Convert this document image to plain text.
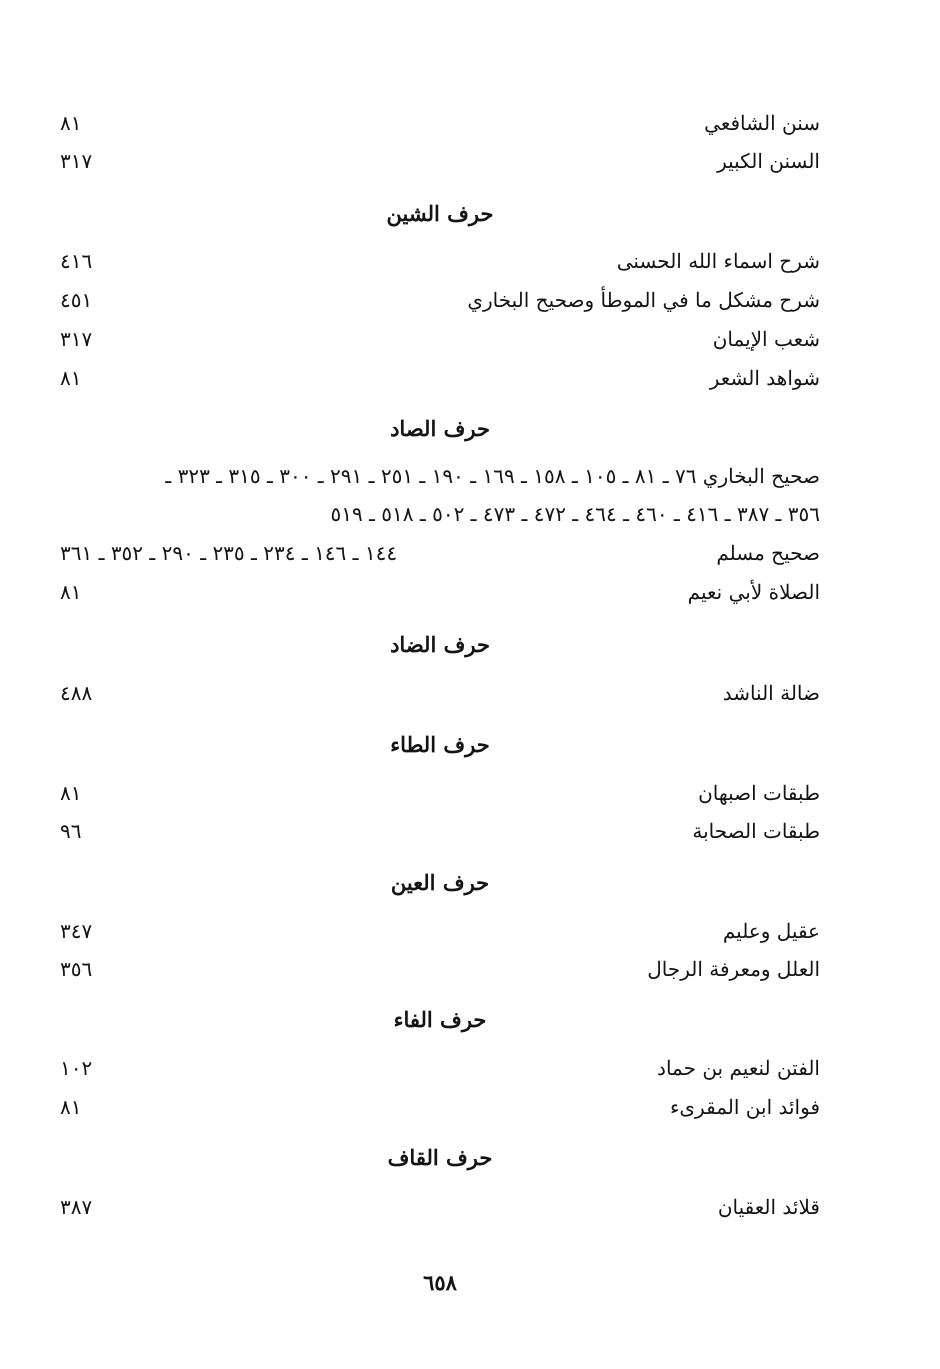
سنن الشافعي
٨١
السنن الكبير
٣١٧
حرف الشين
شرح اسماء الله الحسنى
٤١٦
شرح مشكل ما في الموطأ وصحيح البخاري
٤٥١
شعب الإيمان
٣١٧
شواهد الشعر
٨١
حرف الصاد
صحيح البخاري ٧٦ ـ ٨١ ـ ١٠٥ ـ ١٥٨ ـ ١٦٩ ـ ١٩٠ ـ ٢٥١ ـ ٢٩١ ـ ٣٠٠ ـ ٣١٥ ـ ٣٢٣ ـ
٣٥٦ ـ ٣٨٧ ـ ٤١٦ ـ ٤٦٠ ـ ٤٦٤ ـ ٤٧٢ ـ ٤٧٣ ـ ٥٠٢ ـ ٥١٨ ـ ٥١٩
صحيح مسلم
١٤٤ ـ ١٤٦ ـ ٢٣٤ ـ ٢٣٥ ـ ٢٩٠ ـ ٣٥٢ ـ ٣٦١
الصلاة لأبي نعيم
٨١
حرف الضاد
ضالة الناشد
٤٨٨
حرف الطاء
طبقات اصبهان
٨١
طبقات الصحابة
٩٦
حرف العين
عقيل وعليم
٣٤٧
العلل ومعرفة الرجال
٣٥٦
حرف الفاء
الفتن لنعيم بن حماد
١٠٢
فوائد ابن المقرىء
٨١
حرف القاف
قلائد العقيان
٣٨٧
٦٥٨
